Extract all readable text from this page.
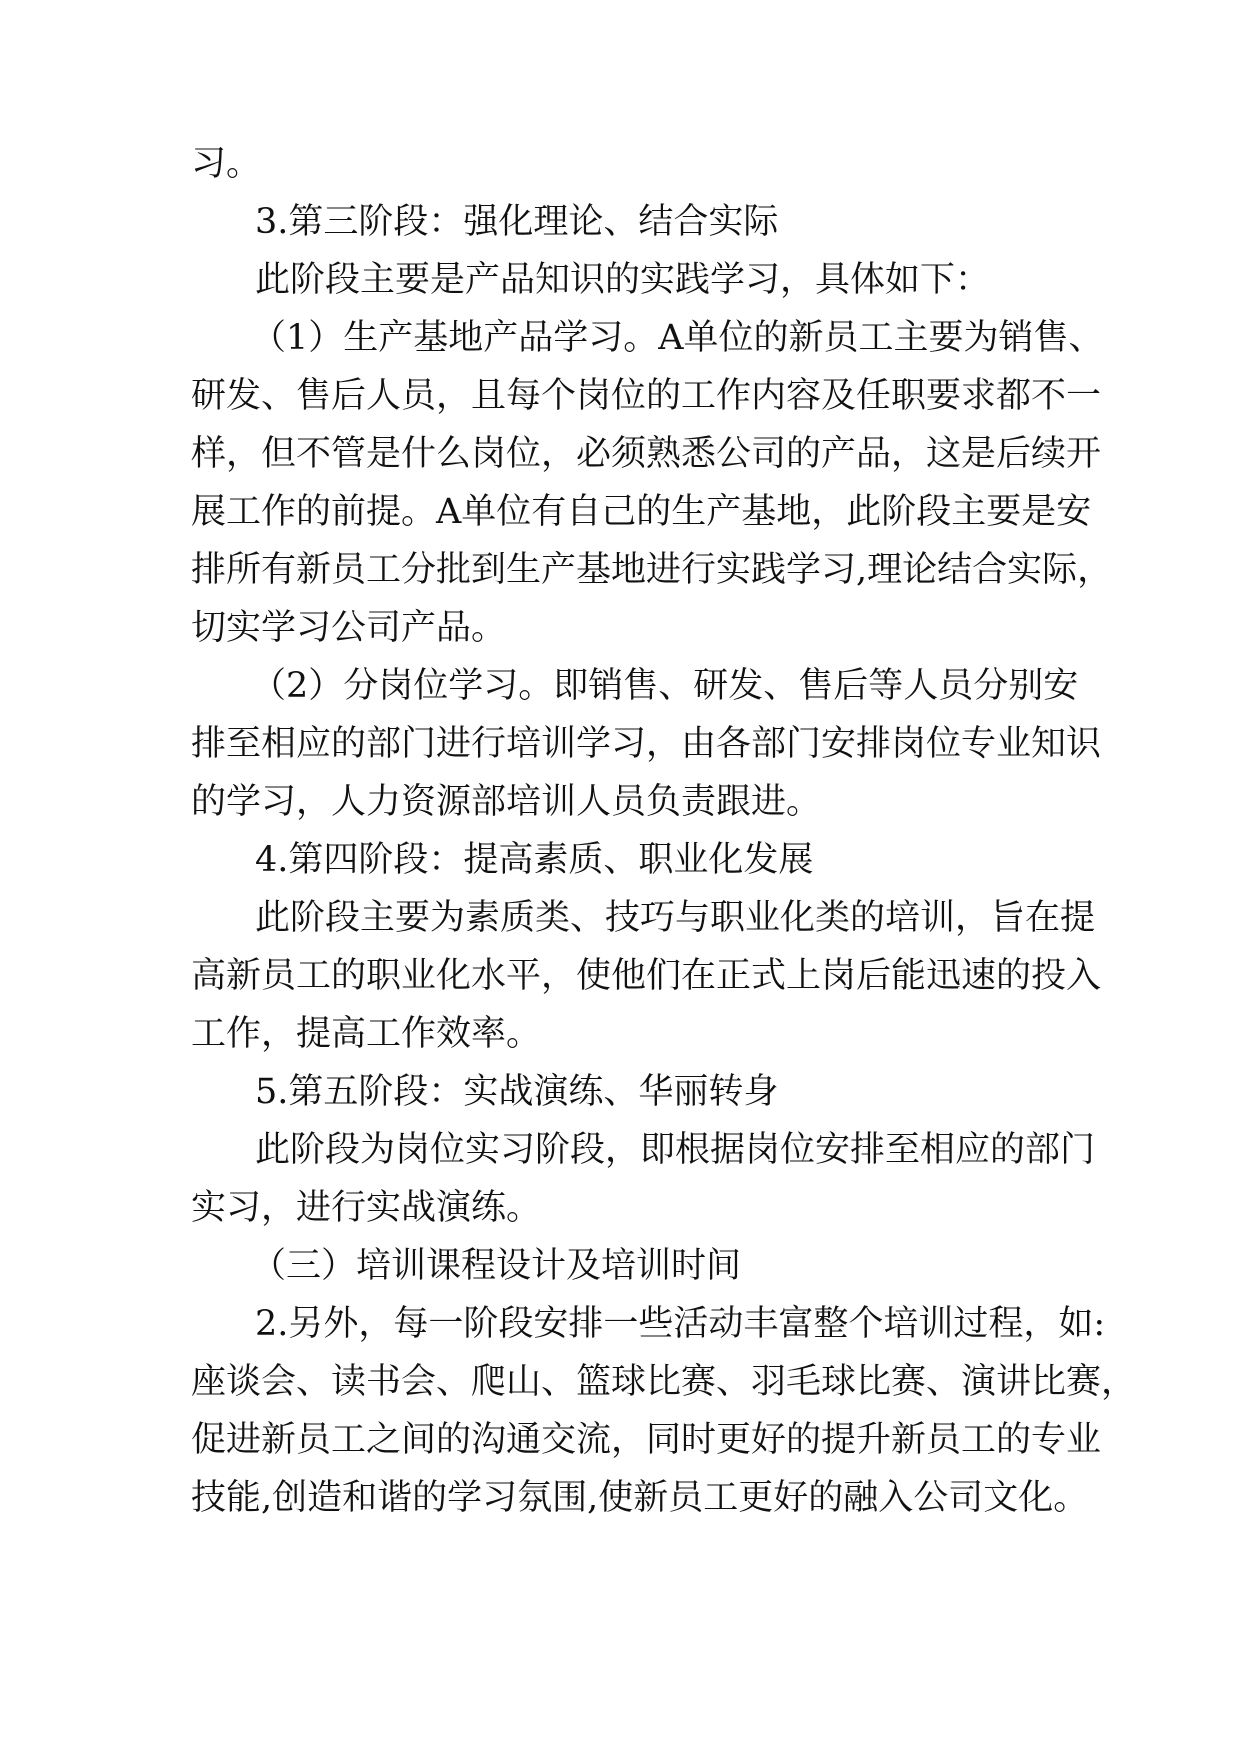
习。
3.第三阶段：强化理论、结合实际
此阶段主要是产品知识的实践学习，具体如下：
（1）生产基地产品学习。A单位的新员工主要为销售、
研发、售后人员，且每个岗位的工作内容及任职要求都不一
样，但不管是什么岗位，必须熟悉公司的产品，这是后续开
展工作的前提。A单位有自己的生产基地，此阶段主要是安
排所有新员工分批到生产基地进行实践学习,理论结合实际，
切实学习公司产品。
（2）分岗位学习。即销售、研发、售后等人员分别安
排至相应的部门进行培训学习，由各部门安排岗位专业知识
的学习，人力资源部培训人员负责跟进。
4.第四阶段：提高素质、职业化发展
此阶段主要为素质类、技巧与职业化类的培训，旨在提
高新员工的职业化水平，使他们在正式上岗后能迅速的投入
工作，提高工作效率。
5.第五阶段：实战演练、华丽转身
此阶段为岗位实习阶段，即根据岗位安排至相应的部门
实习，进行实战演练。
（三）培训课程设计及培训时间
2.另外，每一阶段安排一些活动丰富整个培训过程，如:
座谈会、读书会、爬山、篮球比赛、羽毛球比赛、演讲比赛，
促进新员工之间的沟通交流，同时更好的提升新员工的专业
技能,创造和谐的学习氛围,使新员工更好的融入公司文化。
